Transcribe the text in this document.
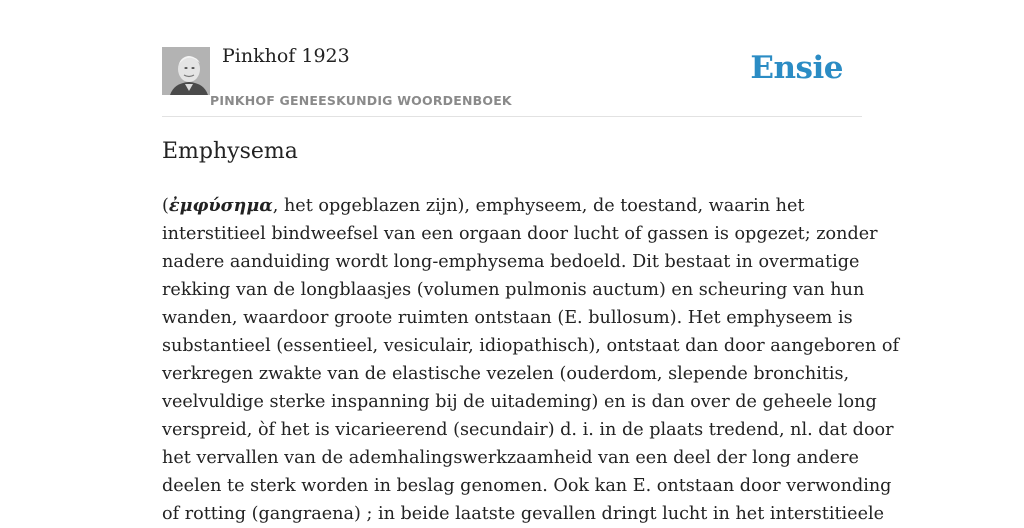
Pinkhof 1923
PINKHOF GENEESKUNDIG WOORDENBOEK
Ensie
Emphysema
(ἐμφύσημα, het opgeblazen zijn), emphyseem, de toestand, waarin het
interstitieel bindweefsel van een orgaan door lucht of gassen is opgezet; zonder
nadere aanduiding wordt long-emphysema bedoeld. Dit bestaat in overmatige
rekking van de longblaasjes (volumen pulmonis auctum) en scheuring van hun
wanden, waardoor groote ruimten ontstaan (E. bullosum). Het emphyseem is
substantieel (essentieel, vesiculair, idiopathisch), ontstaat dan door aangeboren of
verkregen zwakte van de elastische vezelen (ouderdom, slepende bronchitis,
veelvuldige sterke inspanning bij de uitademing) en is dan over de geheele long
verspreid, òf het is vicarieerend (secundair) d. i. in de plaats tredend, nl. dat door
het vervallen van de ademhalingswerkzaamheid van een deel der long andere
deelen te sterk worden in beslag genomen. Ook kan E. ontstaan door verwonding
of rotting (gangraena) ; in beide laatste gevallen dringt lucht in het interstitieele
